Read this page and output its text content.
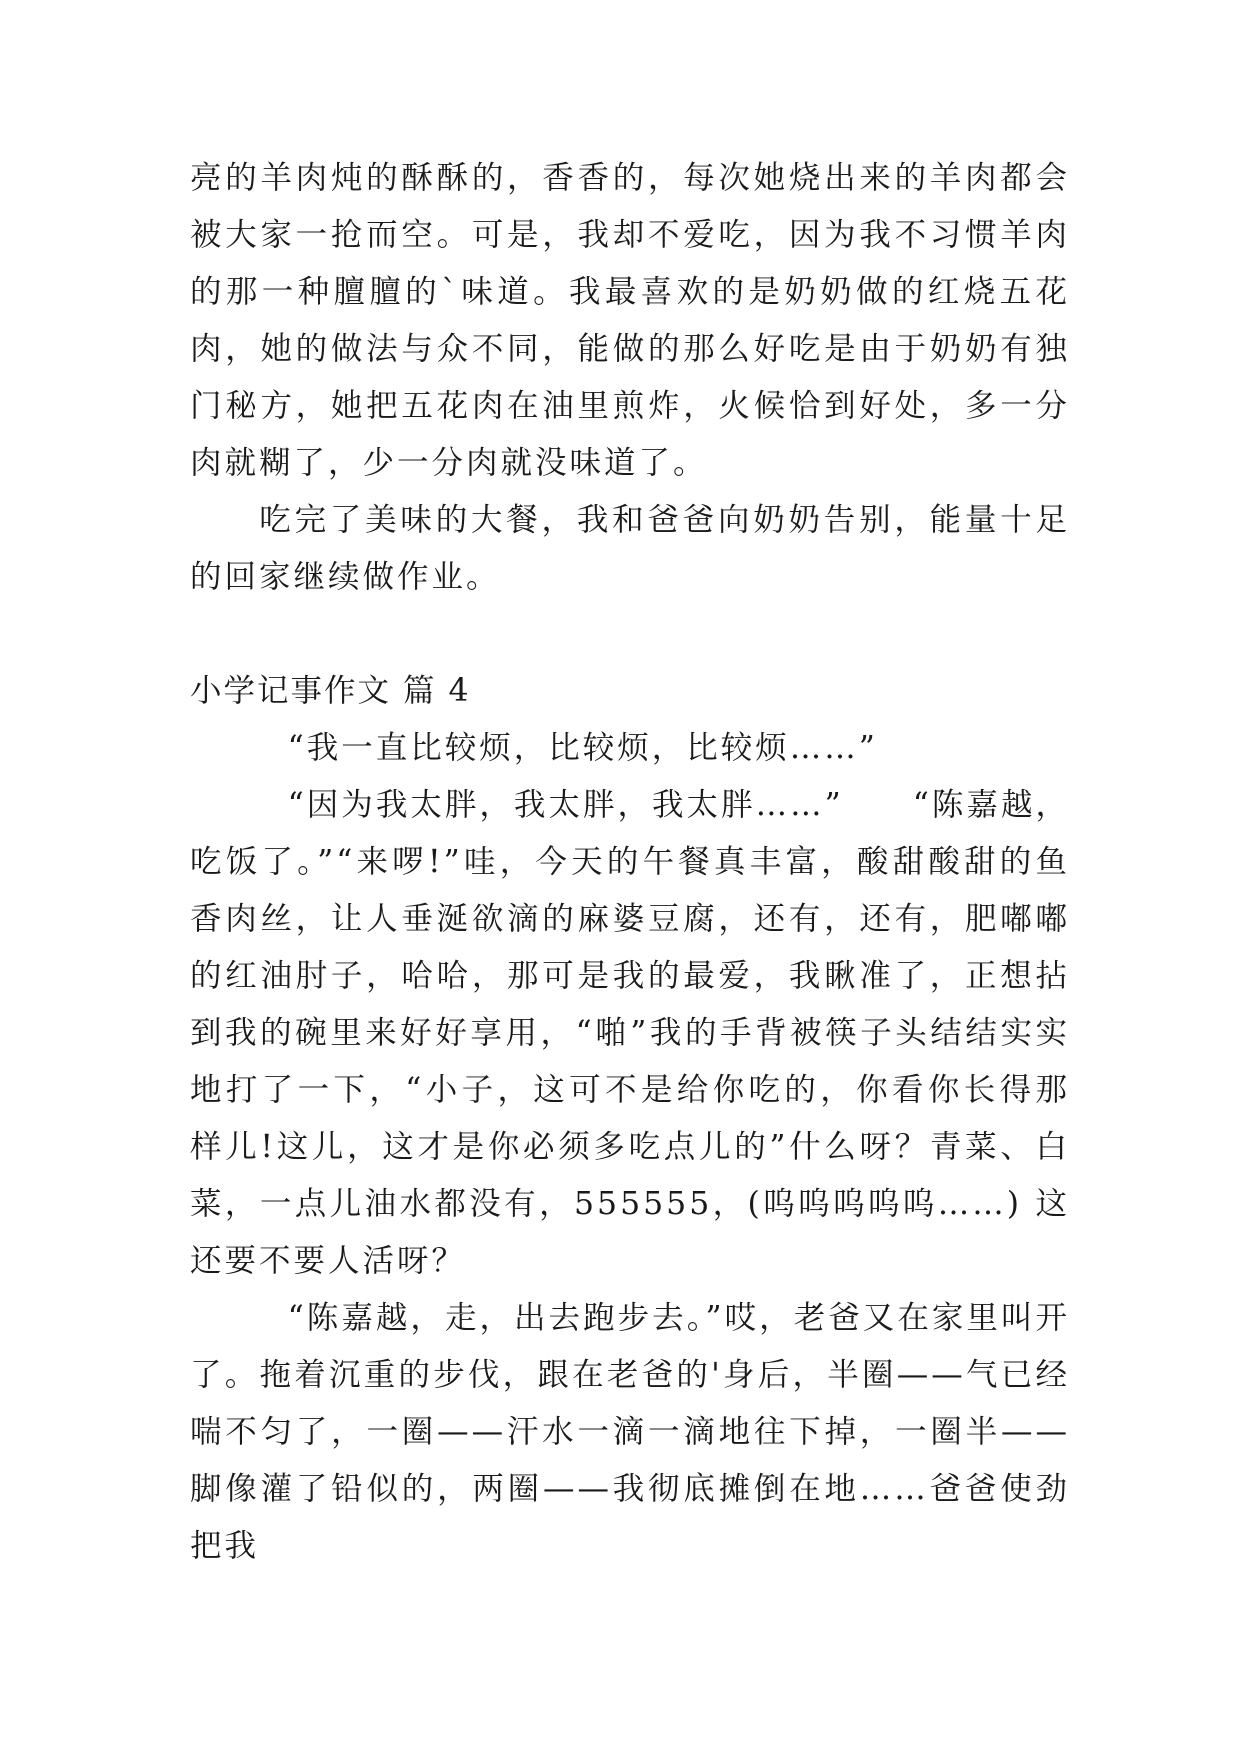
亮的羊肉炖的酥酥的，香香的，每次她烧出来的羊肉都会被大家一抢而空。可是，我却不爱吃，因为我不习惯羊肉的那一种膻膻的`味道。我最喜欢的是奶奶做的红烧五花肉，她的做法与众不同，能做的那么好吃是由于奶奶有独门秘方，她把五花肉在油里煎炸，火候恰到好处，多一分肉就糊了，少一分肉就没味道了。

吃完了美味的大餐，我和爸爸向奶奶告别，能量十足的回家继续做作业。

小学记事作文 篇 4

“我一直比较烦，比较烦，比较烦……”

“因为我太胖，我太胖，我太胖……”　　“陈嘉越，吃饭了。”“来啰!”哇，今天的午餐真丰富，酸甜酸甜的鱼香肉丝，让人垂涎欲滴的麻婆豆腐，还有，还有，肥嘟嘟的红油肘子，哈哈，那可是我的最爱，我瞅准了，正想拈到我的碗里来好好享用，“啪”我的手背被筷子头结结实实地打了一下，“小子，这可不是给你吃的，你看你长得那样儿!这儿，这才是你必须多吃点儿的”什么呀？青菜、白菜，一点儿油水都没有，555555，(呜呜呜呜呜……) 这还要不要人活呀？

“陈嘉越，走，出去跑步去。”哎，老爸又在家里叫开了。拖着沉重的步伐，跟在老爸的'身后，半圈——气已经喘不匀了，一圈——汗水一滴一滴地往下掉，一圈半——脚像灌了铅似的，两圈——我彻底摊倒在地……爸爸使劲把我
